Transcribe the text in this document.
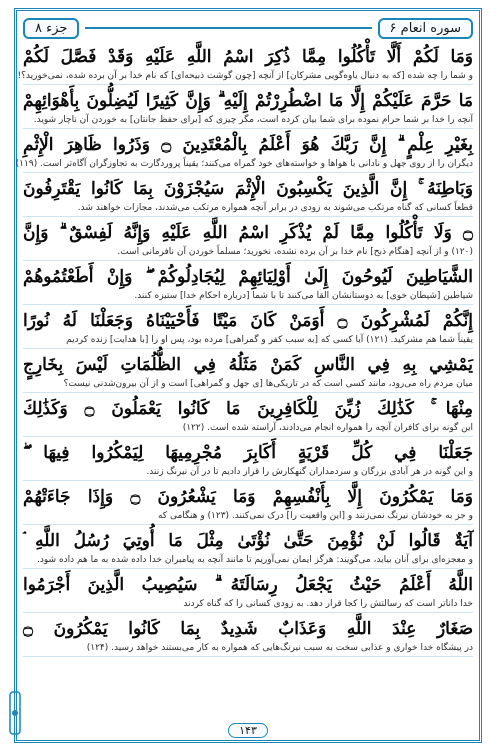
جزء ۸	سوره انعام ۶
وَمَا لَكُمْ أَلَّا تَأْكُلُوا مِمَّا ذُكِرَ اسْمُ اللَّهِ عَلَيْهِ وَقَدْ فَصَّلَ لَكُمْ
و شما را چه شده [که به دنبال یاوه‌گویی مشرکان] از آنچه [چون گوشت ذبیحه‌ای] که نام خدا بر آن برده شده، نمی‌خورید؟!
مَا حَرَّمَ عَلَيْكُمْ إِلَّا مَا اضْطُرِرْتُمْ إِلَيْهِ ۗ وَإِنَّ كَثِيرًا لَيُضِلُّونَ بِأَهْوَائِهِمْ
آنچه را خدا بر شما حرام نموده برای شما بیان کرده است، مگر چیزی که [برای حفظ جانتان] به خوردن آن ناچار شوید.
بِغَيْرِ عِلْمٍ ۗ إِنَّ رَبَّكَ هُوَ أَعْلَمُ بِالْمُعْتَدِينَ ۝ وَذَرُوا ظَاهِرَ الْإِثْمِ
دیگران را از روی جهل و نادانی با هواها و خواسته‌های خود گمراه می‌کنند؛ یقیناً پروردگارت به تجاوزگران آگاه‌تر است. (۱۱۹)
وَبَاطِنَهُ ۚ إِنَّ الَّذِينَ يَكْسِبُونَ الْإِثْمَ سَيُجْزَوْنَ بِمَا كَانُوا يَقْتَرِفُونَ
قطعاً کسانی که گناه مرتکب می‌شوند به زودی در برابر آنچه همواره مرتکب می‌شدند، مجازات خواهند شد.
۝ وَلَا تَأْكُلُوا مِمَّا لَمْ يُذْكَرِ اسْمُ اللَّهِ عَلَيْهِ وَإِنَّهُ لَفِسْقٌ ۗ وَإِنَّ
(۱۲۰) و از آنچه [هنگام ذبح] نام خدا بر آن برده نشده، نخورید؛ مسلماً خوردن آن نافرمانی است.
الشَّيَاطِينَ لَيُوحُونَ إِلَىٰ أَوْلِيَائِهِمْ لِيُجَادِلُوكُمْ ۖ وَإِنْ أَطَعْتُمُوهُمْ
شیاطین [شیطان خوی] به دوستانشان القا می‌کنند تا با شما [درباره احکام خدا] ستیزه کنند.
إِنَّكُمْ لَمُشْرِكُونَ ۝ أَوَمَنْ كَانَ مَيْتًا فَأَحْيَيْنَاهُ وَجَعَلْنَا لَهُ نُورًا
یقیناً شما هم مشرکید. (۱۲۱) آیا کسی که [به سبب کفر و گمراهی] مرده بود، پس او را [با هدایت] زنده کردیم
يَمْشِي بِهِ فِي النَّاسِ كَمَنْ مَثَلُهُ فِي الظُّلُمَاتِ لَيْسَ بِخَارِجٍ
میان مردم راه می‌رود، مانند کسی است که در تاریکی‌ها [ی جهل و گمراهی] است و از آن بیرون‌شدنی نیست؟
مِنْهَا ۚ كَذَٰلِكَ زُيِّنَ لِلْكَافِرِينَ مَا كَانُوا يَعْمَلُونَ ۝ وَكَذَٰلِكَ
این گونه برای کافران آنچه را همواره انجام می‌دادند، آراسته شده است. (۱۲۲)
جَعَلْنَا فِي كُلِّ قَرْيَةٍ أَكَابِرَ مُجْرِمِيهَا لِيَمْكُرُوا فِيهَا ۖ
و این گونه در هر آبادی بزرگان و سردمداران گنهکارش را قرار دادیم تا در آن نیرنگ زنند.
وَمَا يَمْكُرُونَ إِلَّا بِأَنْفُسِهِمْ وَمَا يَشْعُرُونَ ۝ وَإِذَا جَاءَتْهُمْ
و جز به خودشان نیرنگ نمی‌زنند و [این واقعیت را] درک نمی‌کنند. (۱۲۳) و هنگامی که
آيَةٌ قَالُوا لَنْ نُؤْمِنَ حَتَّىٰ نُؤْتَىٰ مِثْلَ مَا أُوتِيَ رُسُلُ اللَّهِ ۘ
و معجزه‌ای برای آنان بیاید، می‌گویند: هرگز ایمان نمی‌آوریم تا مانند آنچه به پیامبران خدا داده شده به ما هم داده شود.
اللَّهُ أَعْلَمُ حَيْثُ يَجْعَلُ رِسَالَتَهُ ۗ سَيُصِيبُ الَّذِينَ أَجْرَمُوا
خدا داناتر است که رسالتش را کجا قرار دهد. به زودی کسانی را که گناه کردند
صَغَارٌ عِنْدَ اللَّهِ وَعَذَابٌ شَدِيدٌ بِمَا كَانُوا يَمْكُرُونَ ۝
در پیشگاه خدا خواری و عذابی سخت به سبب نیرنگ‌هایی که همواره به کار می‌بستند خواهد رسید. (۱۲۴)
۱۴۳
